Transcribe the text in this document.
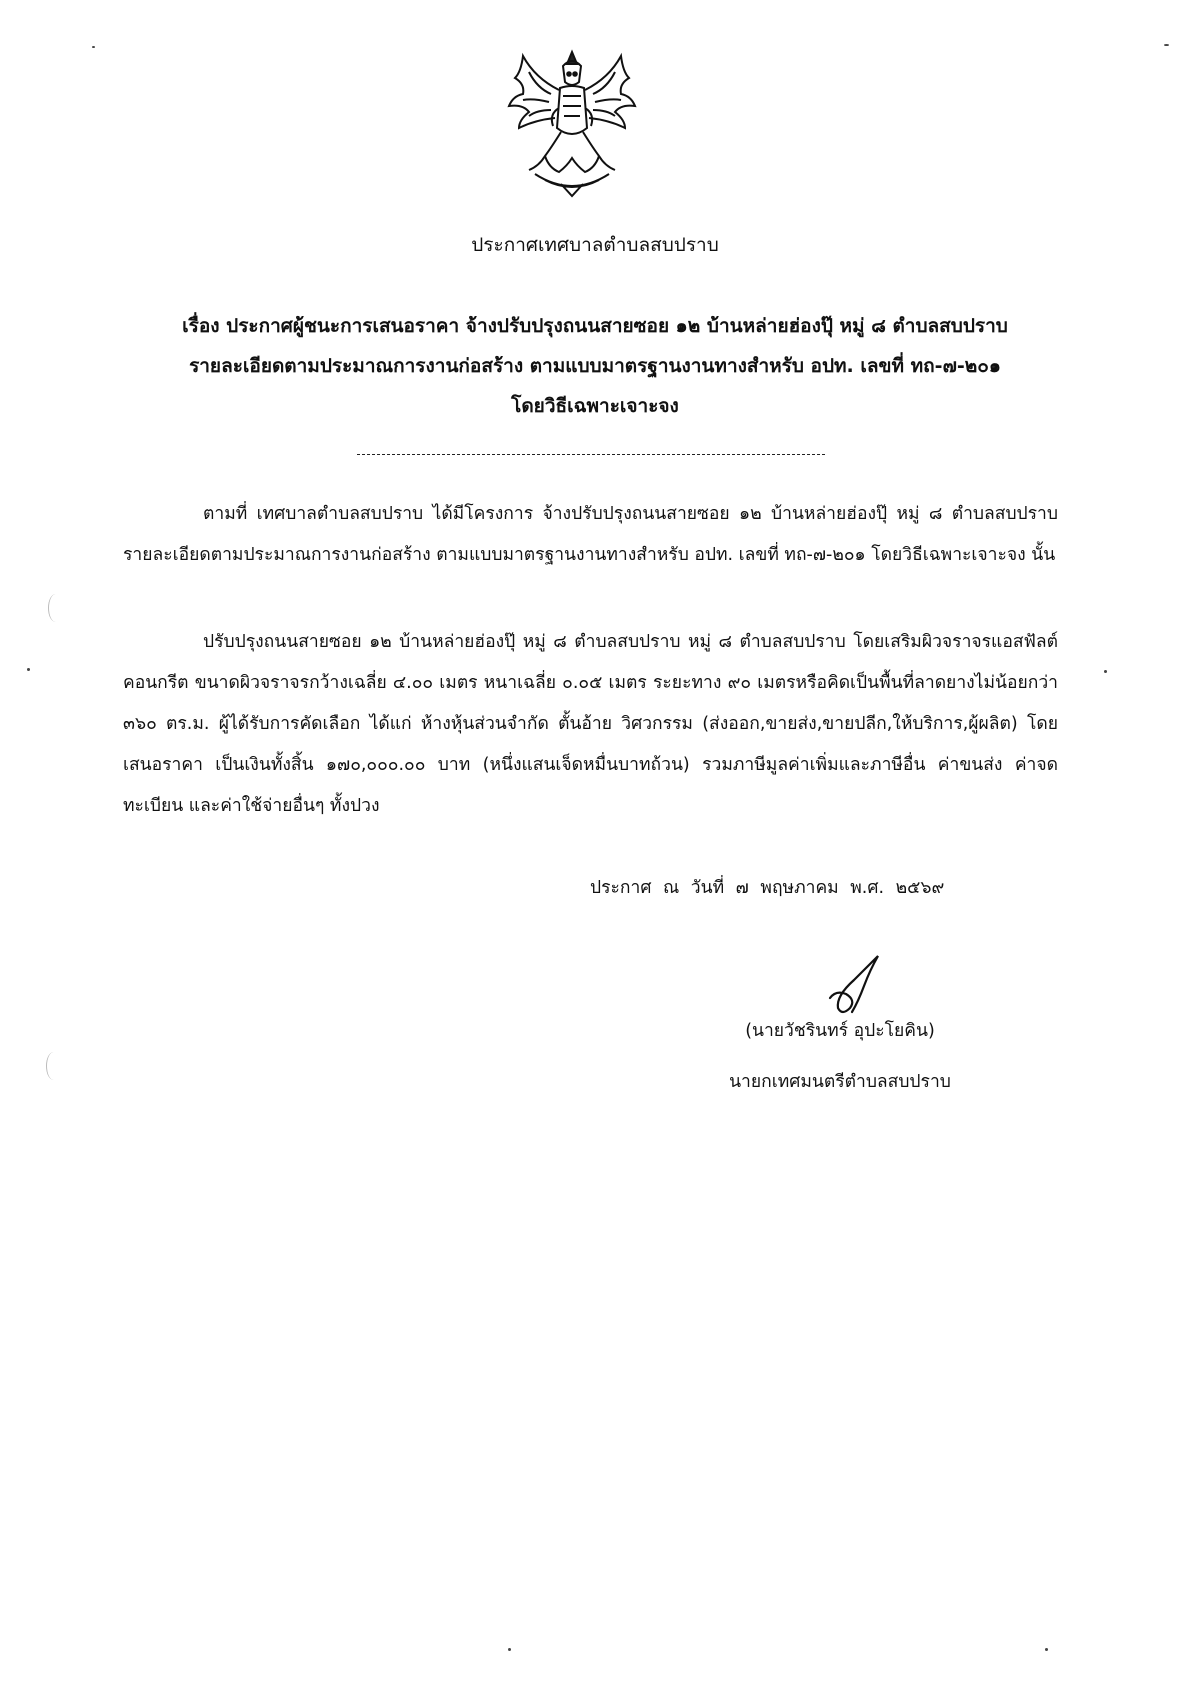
ประกาศเทศบาลตำบลสบปราบ
เรื่อง ประกาศผู้ชนะการเสนอราคา จ้างปรับปรุงถนนสายซอย ๑๒ บ้านหล่ายฮ่องปุ๊ หมู่ ๘ ตำบลสบปราบ
รายละเอียดตามประมาณการงานก่อสร้าง ตามแบบมาตรฐานงานทางสำหรับ อปท. เลขที่ ทถ-๗-๒๐๑
โดยวิธีเฉพาะเจาะจง
ตามที่ เทศบาลตำบลสบปราบ ได้มีโครงการ จ้างปรับปรุงถนนสายซอย ๑๒ บ้านหล่ายฮ่องปุ๊ หมู่ ๘ ตำบลสบปราบ รายละเอียดตามประมาณการงานก่อสร้าง ตามแบบมาตรฐานงานทางสำหรับ อปท. เลขที่ ทถ-๗-๒๐๑ โดยวิธีเฉพาะเจาะจง นั้น
ปรับปรุงถนนสายซอย ๑๒ บ้านหล่ายฮ่องปุ๊ หมู่ ๘ ตำบลสบปราบ หมู่ ๘ ตำบลสบปราบ โดยเสริมผิวจราจรแอสฟัลต์คอนกรีต ขนาดผิวจราจรกว้างเฉลี่ย ๔.๐๐ เมตร หนาเฉลี่ย ๐.๐๕ เมตร ระยะทาง ๙๐ เมตรหรือคิดเป็นพื้นที่ลาดยางไม่น้อยกว่า ๓๖๐ ตร.ม. ผู้ได้รับการคัดเลือก ได้แก่ ห้างหุ้นส่วนจำกัด ตั้นอ้าย วิศวกรรม (ส่งออก,ขายส่ง,ขายปลีก,ให้บริการ,ผู้ผลิต) โดยเสนอราคา เป็นเงินทั้งสิ้น ๑๗๐,๐๐๐.๐๐ บาท (หนึ่งแสนเจ็ดหมื่นบาทถ้วน) รวมภาษีมูลค่าเพิ่มและภาษีอื่น ค่าขนส่ง ค่าจดทะเบียน และค่าใช้จ่ายอื่นๆ ทั้งปวง
ประกาศ ณ วันที่ ๗ พฤษภาคม พ.ศ. ๒๕๖๙
(นายวัชรินทร์ อุปะโยคิน)
นายกเทศมนตรีตำบลสบปราบ
